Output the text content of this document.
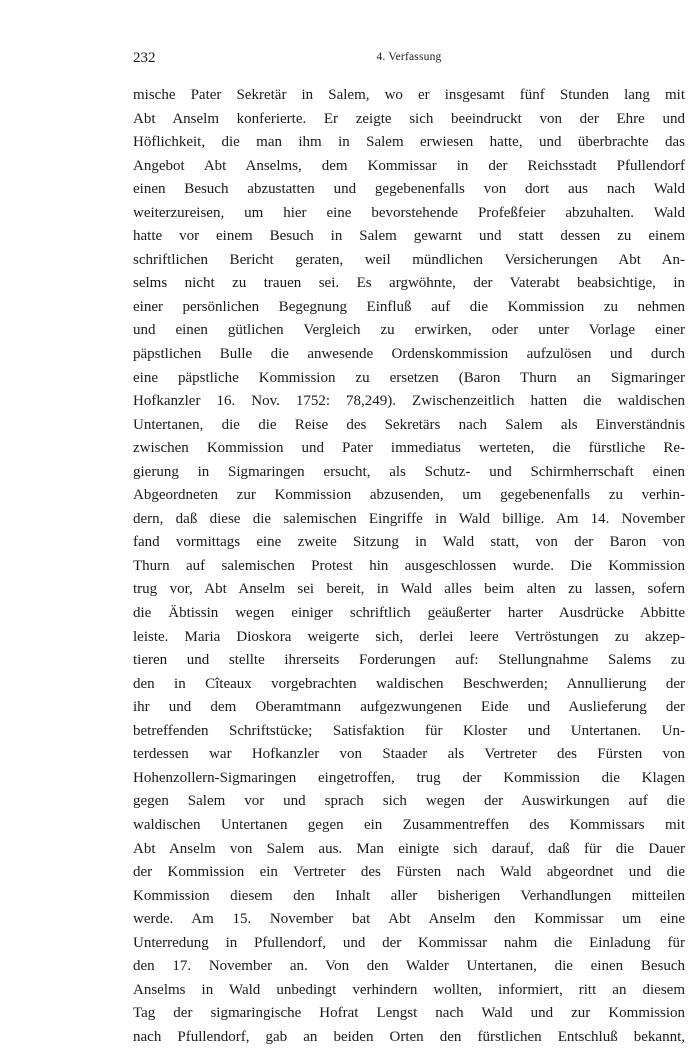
232	4. Verfassung
mische Pater Sekretär in Salem, wo er insgesamt fünf Stunden lang mit
Abt Anselm konferierte. Er zeigte sich beeindruckt von der Ehre und
Höflichkeit, die man ihm in Salem erwiesen hatte, und überbrachte das
Angebot Abt Anselms, dem Kommissar in der Reichsstadt Pfullendorf
einen Besuch abzustatten und gegebenenfalls von dort aus nach Wald
weiterzureisen, um hier eine bevorstehende Profeßfeier abzuhalten. Wald
hatte vor einem Besuch in Salem gewarnt und statt dessen zu einem
schriftlichen Bericht geraten, weil mündlichen Versicherungen Abt An-
selms nicht zu trauen sei. Es argwöhnte, der Vaterabt beabsichtige, in
einer persönlichen Begegnung Einfluß auf die Kommission zu nehmen
und einen gütlichen Vergleich zu erwirken, oder unter Vorlage einer
päpstlichen Bulle die anwesende Ordenskommission aufzulösen und durch
eine päpstliche Kommission zu ersetzen (Baron Thurn an Sigmaringer
Hofkanzler 16. Nov. 1752: 78,249). Zwischenzeitlich hatten die waldischen
Untertanen, die die Reise des Sekretärs nach Salem als Einverständnis
zwischen Kommission und Pater immediatus werteten, die fürstliche Re-
gierung in Sigmaringen ersucht, als Schutz- und Schirmherrschaft einen
Abgeordneten zur Kommission abzusenden, um gegebenenfalls zu verhin-
dern, daß diese die salemischen Eingriffe in Wald billige. Am 14. November
fand vormittags eine zweite Sitzung in Wald statt, von der Baron von
Thurn auf salemischen Protest hin ausgeschlossen wurde. Die Kommission
trug vor, Abt Anselm sei bereit, in Wald alles beim alten zu lassen, sofern
die Äbtissin wegen einiger schriftlich geäußerter harter Ausdrücke Abbitte
leiste. Maria Dioskora weigerte sich, derlei leere Vertröstungen zu akzep-
tieren und stellte ihrerseits Forderungen auf: Stellungnahme Salems zu
den in Cîteaux vorgebrachten waldischen Beschwerden; Annullierung der
ihr und dem Oberamtmann aufgezwungenen Eide und Auslieferung der
betreffenden Schriftstücke; Satisfaktion für Kloster und Untertanen. Un-
terdessen war Hofkanzler von Staader als Vertreter des Fürsten von
Hohenzollern-Sigmaringen eingetroffen, trug der Kommission die Klagen
gegen Salem vor und sprach sich wegen der Auswirkungen auf die
waldischen Untertanen gegen ein Zusammentreffen des Kommissars mit
Abt Anselm von Salem aus. Man einigte sich darauf, daß für die Dauer
der Kommission ein Vertreter des Fürsten nach Wald abgeordnet und die
Kommission diesem den Inhalt aller bisherigen Verhandlungen mitteilen
werde. Am 15. November bat Abt Anselm den Kommissar um eine
Unterredung in Pfullendorf, und der Kommissar nahm die Einladung für
den 17. November an. Von den Walder Untertanen, die einen Besuch
Anselms in Wald unbedingt verhindern wollten, informiert, ritt an diesem
Tag der sigmaringische Hofrat Lengst nach Wald und zur Kommission
nach Pfullendorf, gab an beiden Orten den fürstlichen Entschluß bekannt,
